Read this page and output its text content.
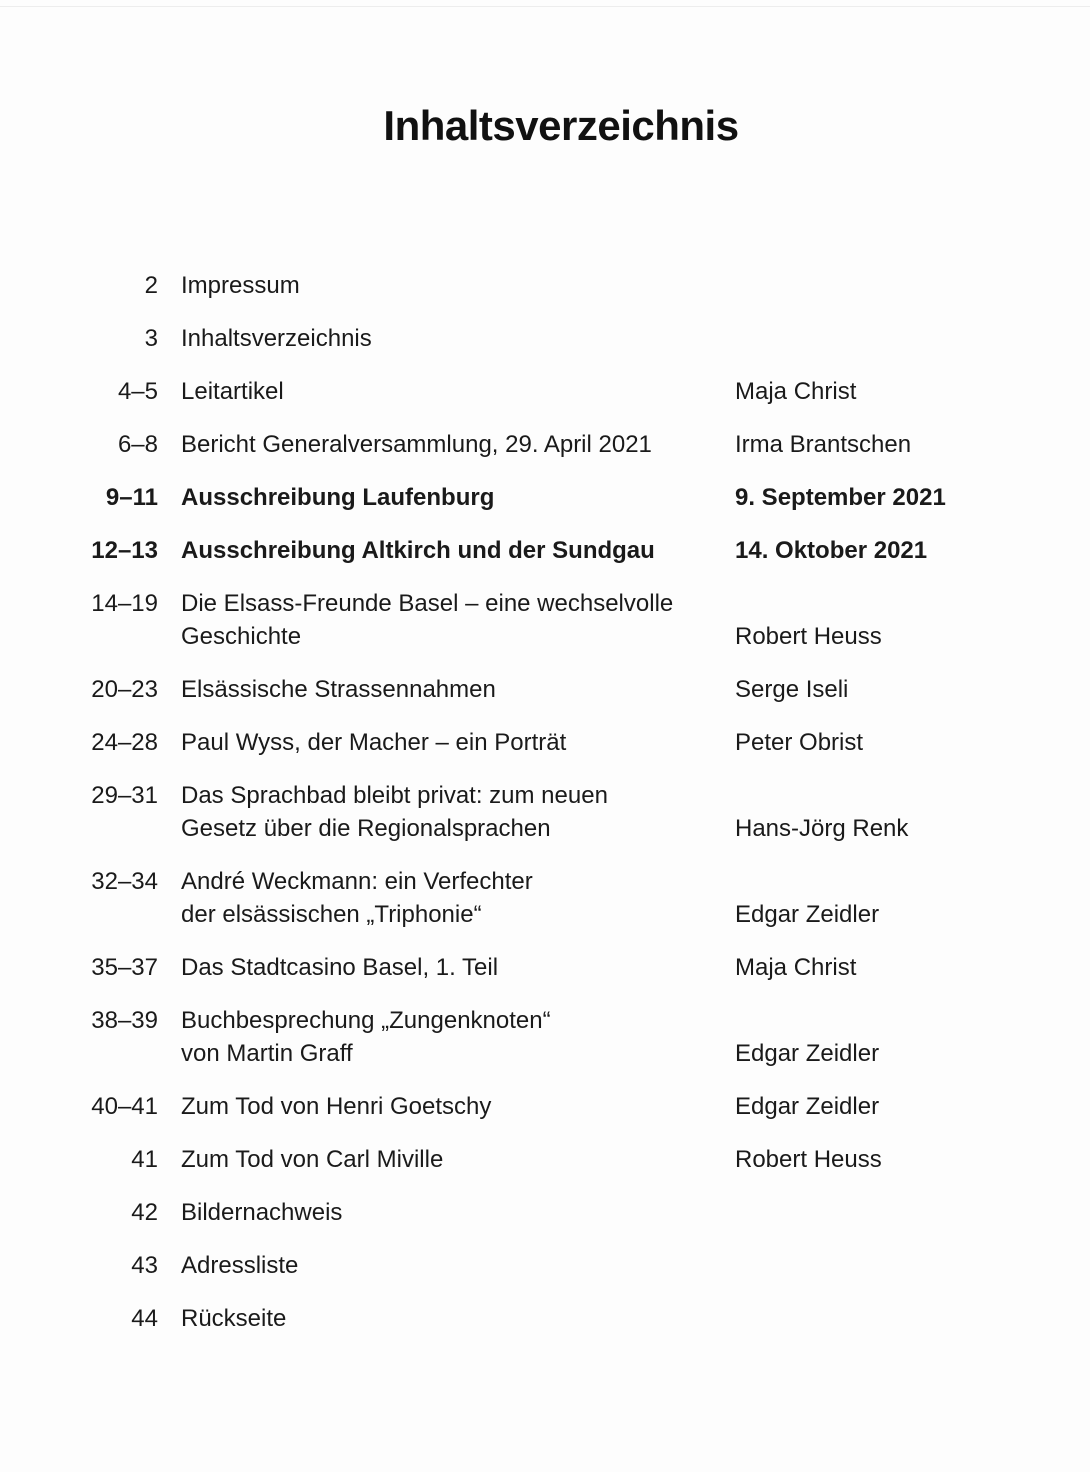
Inhaltsverzeichnis
2 Impressum
3 Inhaltsverzeichnis
4–5 Leitartikel	Maja Christ
6–8 Bericht Generalversammlung, 29. April 2021	Irma Brantschen
9–11 Ausschreibung Laufenburg	9. September 2021
12–13 Ausschreibung Altkirch und der Sundgau	14. Oktober 2021
14–19 Die Elsass-Freunde Basel – eine wechselvolle
Geschichte	Robert Heuss
20–23 Elsässische Strassennahmen	Serge Iseli
24–28 Paul Wyss, der Macher – ein Porträt	Peter Obrist
29–31 Das Sprachbad bleibt privat: zum neuen
Gesetz über die Regionalsprachen	Hans-Jörg Renk
32–34 André Weckmann: ein Verfechter
der elsässischen „Triphonie“	Edgar Zeidler
35–37 Das Stadtcasino Basel, 1. Teil	Maja Christ
38–39 Buchbesprechung „Zungenknoten“
von Martin Graff	Edgar Zeidler
40–41 Zum Tod von Henri Goetschy	Edgar Zeidler
41 Zum Tod von Carl Miville	Robert Heuss
42 Bildernachweis
43 Adressliste
44 Rückseite
